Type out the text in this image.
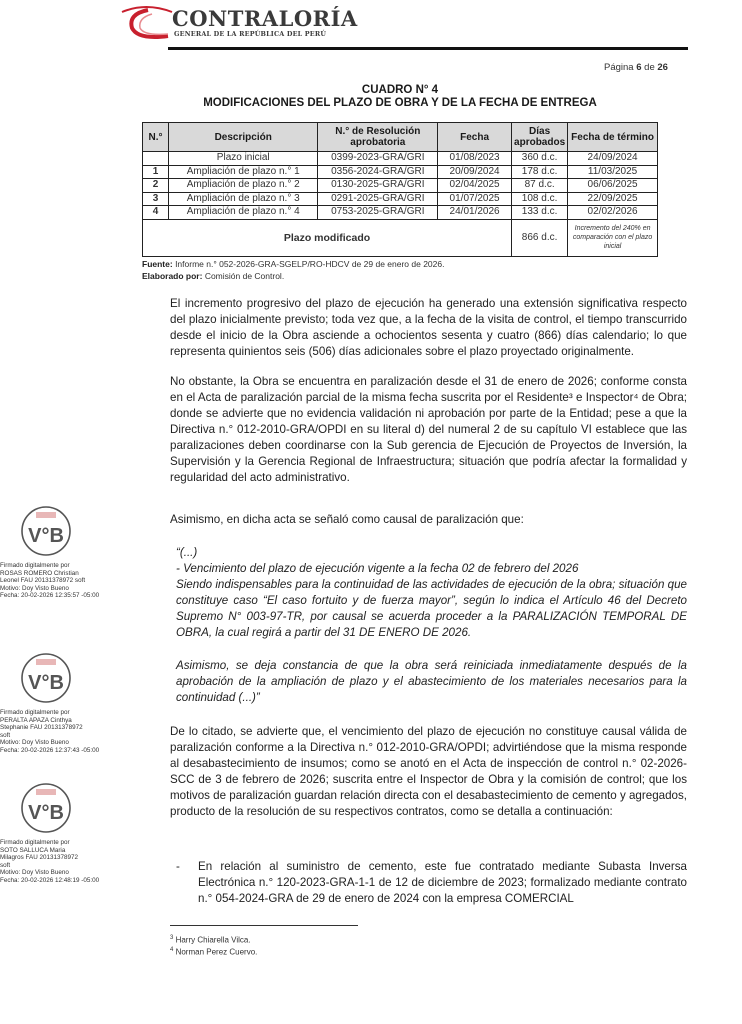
CONTRALORÍA
GENERAL DE LA REPÚBLICA DEL PERÚ
Página 6 de 26
CUADRO N° 4
MODIFICACIONES DEL PLAZO DE OBRA Y DE LA FECHA DE ENTREGA
N.°	Descripción	N.° de Resolución aprobatoria	Fecha	Días aprobados	Fecha de término
	Plazo inicial	0399-2023-GRA/GRI	01/08/2023	360 d.c.	24/09/2024
1	Ampliación de plazo n.° 1	0356-2024-GRA/GRI	20/09/2024	178 d.c.	11/03/2025
2	Ampliación de plazo n.° 2	0130-2025-GRA/GRI	02/04/2025	87 d.c.	06/06/2025
3	Ampliación de plazo n.° 3	0291-2025-GRA/GRI	01/07/2025	108 d.c.	22/09/2025
4	Ampliación de plazo n.° 4	0753-2025-GRA/GRI	24/01/2026	133 d.c.	02/02/2026
Plazo modificado				866 d.c.	Incremento del 240% en comparación con el plazo inicial
Fuente: Informe n.° 052-2026-GRA-SGELP/RO-HDCV de 29 de enero de 2026.
Elaborado por: Comisión de Control.
El incremento progresivo del plazo de ejecución ha generado una extensión significativa respecto del plazo inicialmente previsto; toda vez que, a la fecha de la visita de control, el tiempo transcurrido desde el inicio de la Obra asciende a ochocientos sesenta y cuatro (866) días calendario; lo que representa quinientos seis (506) días adicionales sobre el plazo proyectado originalmente.
No obstante, la Obra se encuentra en paralización desde el 31 de enero de 2026; conforme consta en el Acta de paralización parcial de la misma fecha suscrita por el Residente³ e Inspector⁴ de Obra; donde se advierte que no evidencia validación ni aprobación por parte de la Entidad; pese a que la Directiva n.° 012-2010-GRA/OPDI en su literal d) del numeral 2 de su capítulo VI establece que las paralizaciones deben coordinarse con la Sub gerencia de Ejecución de Proyectos de Inversión, la Supervisión y la Gerencia Regional de Infraestructura; situación que podría afectar la formalidad y regularidad del acto administrativo.
Asimismo, en dicha acta se señaló como causal de paralización que:
“(...)
- Vencimiento del plazo de ejecución vigente a la fecha 02 de febrero del 2026
Siendo indispensables para la continuidad de las actividades de ejecución de la obra; situación que constituye caso “El caso fortuito y de fuerza mayor”, según lo indica el Artículo 46 del Decreto Supremo N° 003-97-TR, por causal se acuerda proceder a la PARALIZACIÓN TEMPORAL DE OBRA, la cual regirá a partir del 31 DE ENERO DE 2026.
Asimismo, se deja constancia de que la obra será reiniciada inmediatamente después de la aprobación de la ampliación de plazo y el abastecimiento de los materiales necesarios para la continuidad (...)”
De lo citado, se advierte que, el vencimiento del plazo de ejecución no constituye causal válida de paralización conforme a la Directiva n.° 012-2010-GRA/OPDI; advirtiéndose que la misma responde al desabastecimiento de insumos; como se anotó en el Acta de inspección de control n.° 02-2026-SCC de 3 de febrero de 2026; suscrita entre el Inspector de Obra y la comisión de control; que los motivos de paralización guardan relación directa con el desabastecimiento de cemento y agregados, producto de la resolución de su respectivos contratos, como se detalla a continuación:
- En relación al suministro de cemento, este fue contratado mediante Subasta Inversa Electrónica n.° 120-2023-GRA-1-1 de 12 de diciembre de 2023; formalizado mediante contrato n.° 054-2024-GRA de 29 de enero de 2024 con la empresa COMERCIAL
$^3$ Harry Chiarella Vilca.
$^4$ Norman Perez Cuervo.
V°B
Firmado digitalmente por
ROSAS ROMERO Christian
Leonel FAU 20131378972 soft
Motivo: Doy Visto Bueno
Fecha: 20-02-2026 12:35:57 -05:00
V°B
Firmado digitalmente por
PERALTA APAZA Cinthya
Stephanie FAU 20131378972
soft
Motivo: Doy Visto Bueno
Fecha: 20-02-2026 12:37:43 -05:00
V°B
Firmado digitalmente por
SOTO SALLUCA Maria
Milagros FAU 20131378972
soft
Motivo: Doy Visto Bueno
Fecha: 20-02-2026 12:48:19 -05:00
